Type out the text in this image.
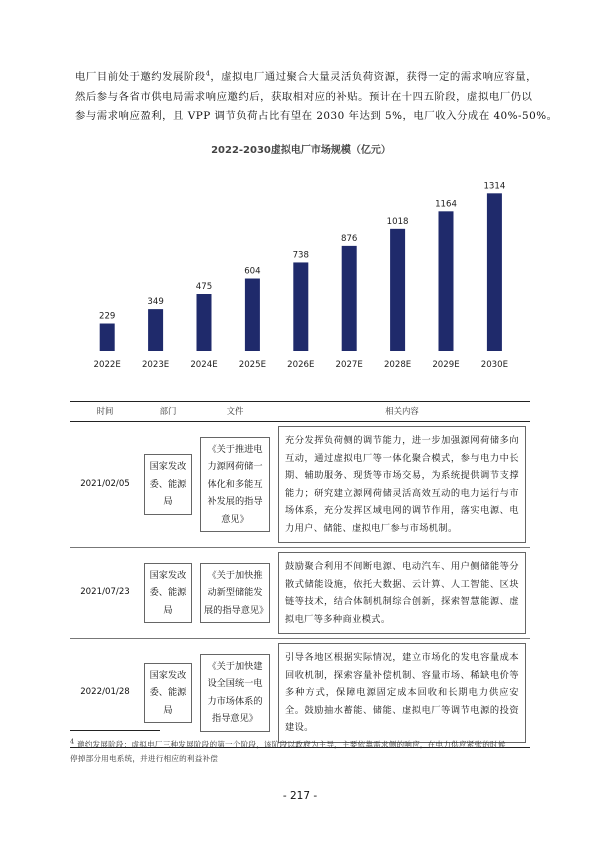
电厂目前处于邀约发展阶段$^4$，虚拟电厂通过聚合大量灵活负荷资源，获得一定的需求响应容量，

然后参与各省市供电局需求响应邀约后，获取相对应的补贴。预计在十四五阶段，虚拟电厂仍以

参与需求响应盈利，且 VPP 调节负荷占比有望在 2030 年达到 5%，电厂收入分成在 40%-50%。

2022-2030虚拟电厂市场规模（亿元）
229
2022E
349
2023E
475
2024E
604
2025E
738
2026E
876
2027E
1018
2028E
1164
2029E
1314
2030E
时间	部门	文件	相关内容
2021/02/05	国家发改委、能源局	《关于推进电力源网荷储一体化和多能互补发展的指导意见》	充分发挥负荷侧的调节能力，进一步加强源网荷储多向互动，通过虚拟电厂等一体化聚合模式，参与电力中长期、辅助服务、现货等市场交易，为系统提供调节支撑能力；研究建立源网荷储灵活高效互动的电力运行与市场体系，充分发挥区域电网的调节作用，落实电源、电力用户、储能、虚拟电厂参与市场机制。

2021/07/23	国家发改委、能源局	《关于加快推动新型储能发展的指导意见》	鼓励聚合利用不间断电源、电动汽车、用户侧储能等分散式储能设施，依托大数据、云计算、人工智能、区块链等技术，结合体制机制综合创新，探索智慧能源、虚拟电厂等多种商业模式。

2022/01/28	国家发改委、能源局	《关于加快建设全国统一电力市场体系的指导意见》	引导各地区根据实际情况，建立市场化的发电容量成本回收机制，探索容量补偿机制、容量市场、稀缺电价等多种方式，保障电源固定成本回收和长期电力供应安全。鼓励抽水蓄能、储能、虚拟电厂等调节电源的投资建设。

$^4$ 邀约发展阶段：虚拟电厂三种发展阶段的第一个阶段，该阶段以政府为主导，主要依靠需求侧的响应，在电力供应紧张的时候

停掉部分用电系统，并进行相应的利益补偿

- 217 -
